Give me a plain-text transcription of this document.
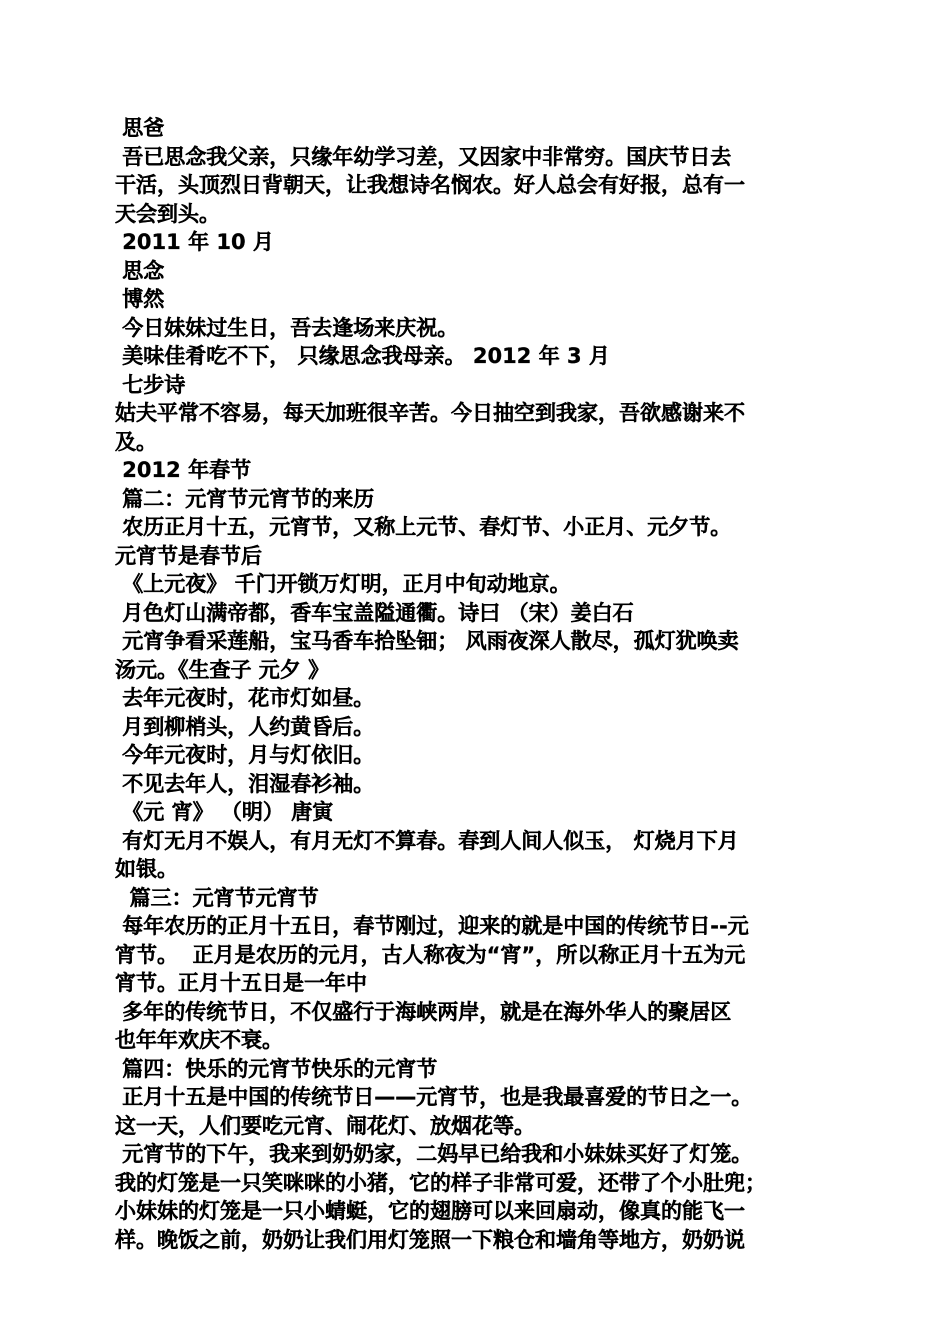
思爸
吾已思念我父亲，只缘年幼学习差，又因家中非常穷。国庆节日去
干活，头顶烈日背朝天，让我想诗名悯农。好人总会有好报，总有一
天会到头。
2011 年 10 月
思念
博然
今日妹妹过生日，吾去逢场来庆祝。
美味佳肴吃不下， 只缘思念我母亲。 2012 年 3 月
七步诗
姑夫平常不容易，每天加班很辛苦。今日抽空到我家，吾欲感谢来不
及。
2012 年春节
篇二：元宵节元宵节的来历
农历正月十五，元宵节，又称上元节、春灯节、小正月、元夕节。
元宵节是春节后
《上元夜》 千门开锁万灯明，正月中旬动地京。
月色灯山满帝都，香车宝盖隘通衢。诗曰 （宋）姜白石
元宵争看采莲船，宝马香车拾坠钿； 风雨夜深人散尽，孤灯犹唤卖
汤元。《生查子 元夕 》
去年元夜时，花市灯如昼。
月到柳梢头，人约黄昏后。
今年元夜时，月与灯依旧。
不见去年人，泪湿春衫袖。
《元 宵》 （明） 唐寅
有灯无月不娱人，有月无灯不算春。春到人间人似玉， 灯烧月下月
如银。
篇三：元宵节元宵节
每年农历的正月十五日，春节刚过，迎来的就是中国的传统节日--元
宵节。  正月是农历的元月，古人称夜为“宵”，所以称正月十五为元
宵节。正月十五日是一年中
多年的传统节日，不仅盛行于海峡两岸，就是在海外华人的聚居区
也年年欢庆不衰。
篇四：快乐的元宵节快乐的元宵节
正月十五是中国的传统节日——元宵节，也是我最喜爱的节日之一。
这一天，人们要吃元宵、闹花灯、放烟花等。
元宵节的下午，我来到奶奶家，二妈早已给我和小妹妹买好了灯笼。
我的灯笼是一只笑咪咪的小猪，它的样子非常可爱，还带了个小肚兜；
小妹妹的灯笼是一只小蜻蜓，它的翅膀可以来回扇动，像真的能飞一
样。晚饭之前，奶奶让我们用灯笼照一下粮仓和墙角等地方，奶奶说
